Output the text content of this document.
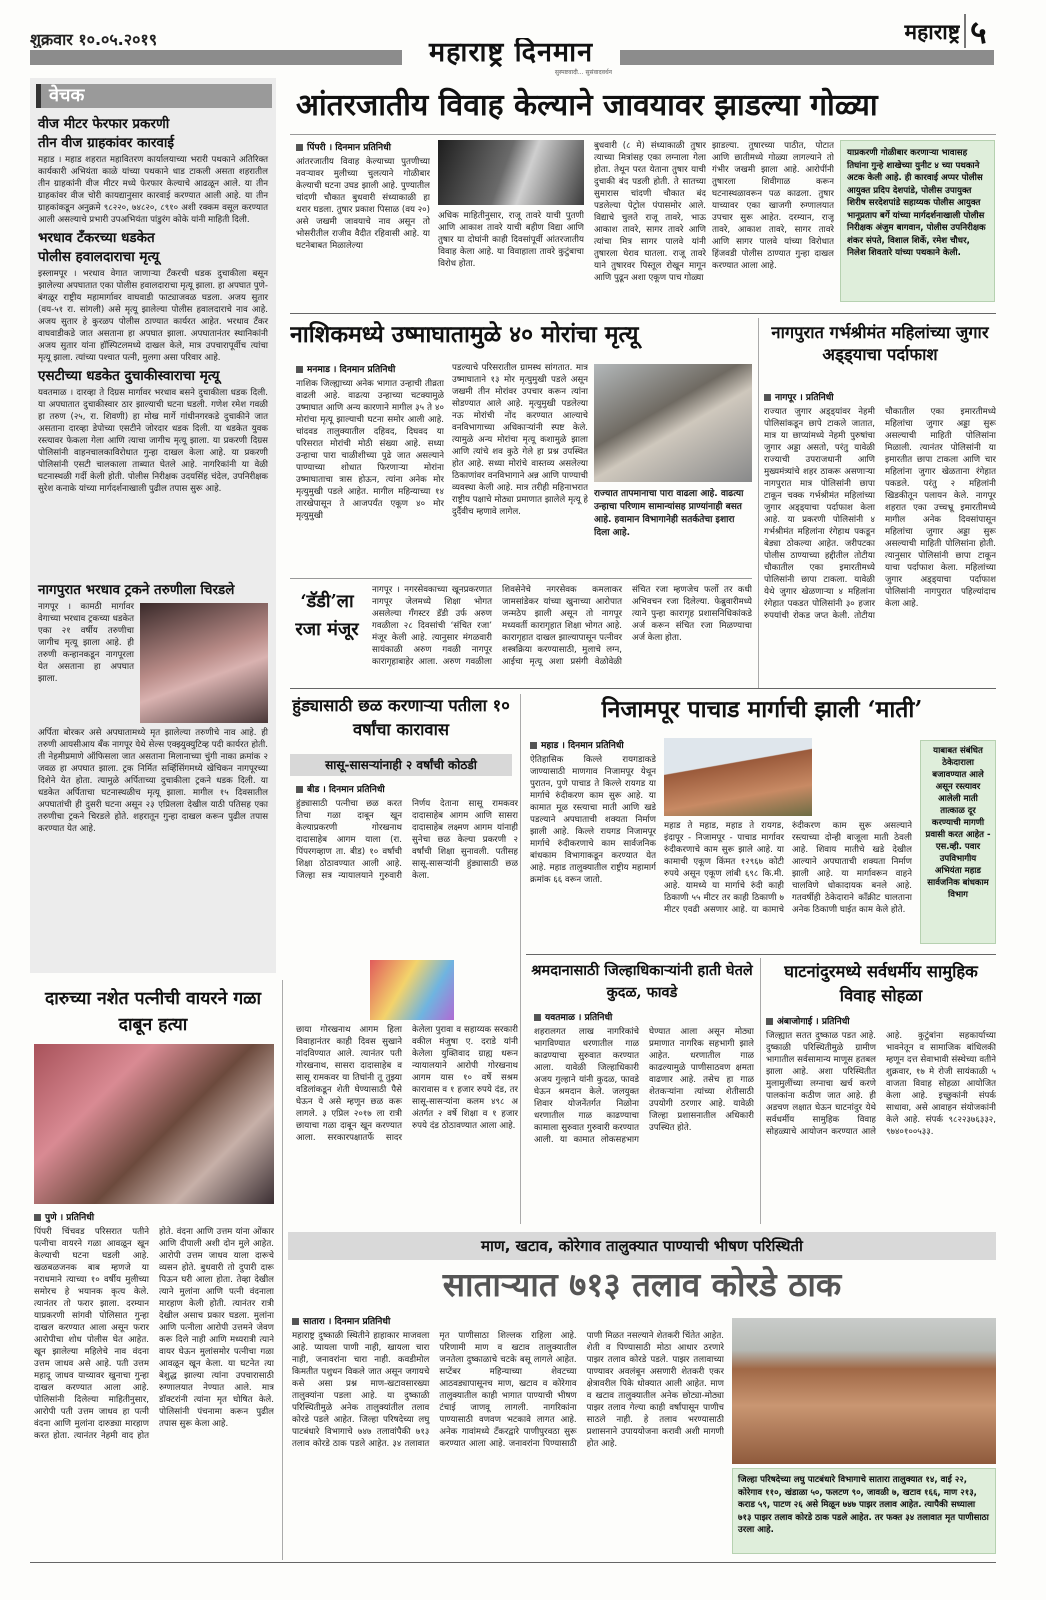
शुक्रवार १०.०५.२०१९	महाराष्ट्र ५
महाराष्ट्र दिनमान
सुस्पष्टवादी... सुसंवादवर्धन
वेचक
वीज मीटर फेरफार प्रकरणी
तीन वीज ग्राहकांवर कारवाई
महाड । महाड शहरात महावितरण कार्यालयाच्या भरारी पथकाने अतिरिक्त कार्यकारी अभियंता काळे यांच्या पथकाने धाड टाकली असता शहरातील तीन ग्राहकांनी वीज मीटर मध्ये फेरफार केल्याचे आढळून आले. या तीन ग्राहकांवर वीज चोरी कायद्यानुसार कारवाई करण्यात आली आहे. या तीन ग्राहकांकडून अनुक्रमे ९८२२०, ७४८२०, ८९१० अशी रक्कम वसूल करण्यात आली असल्याचे प्रभारी उपअभियंता पांडुरंग कोके यांनी माहिती दिली.
भरधाव टँकरच्या धडकेत
पोलीस हवालदाराचा मृत्यू
इस्लामपूर । भरधाव वेगात जाणाऱ्या टँकरची धडक दुचाकीला बसून झालेल्या अपघातात एका पोलीस हवालदाराचा मृत्यू झाला. हा अपघात पुणे-बंगळूर राष्ट्रीय महामार्गावर वाघवाडी फाट्याजवळ घडला. अजय सुतार (वय-५१ रा. सांगली) असे मृत्यू झालेल्या पोलीस हवालदाराचे नाव आहे. अजय सुतार हे कुरळप पोलीस ठाण्यात कार्यरत आहेत. भरधाव टँकर वाघवाडीकडे जात असताना हा अपघात झाला. अपघातानंतर स्थानिकांनी अजय सुतार यांना हॉस्पिटलमध्ये दाखल केले, मात्र उपचारापूर्वीच त्यांचा मृत्यू झाला. त्यांच्या पश्चात पत्नी, मुलगा असा परिवार आहे.
एसटीच्या धडकेत दुचाकीस्वाराचा मृत्यू
यवतमाळ । दारव्हा ते दिग्रस मार्गावर भरधाव बसने दुचाकीला धडक दिली. या अपघातात दुचाकीस्वार ठार झाल्याची घटना घडली. गणेश रमेश गवळी हा तरुण (२५, रा. शिवणी) हा मोख मार्गे गांधीनगरकडे दुचाकीने जात असताना दारव्हा डेपोच्या एसटीने जोरदार धडक दिली. या धडकेत युवक रस्त्यावर फेकला गेला आणि त्याचा जागीच मृत्यू झाला. या प्रकरणी दिग्रस पोलिसांनी वाहनचालकाविरोधात गुन्हा दाखल केला आहे. या प्रकरणी पोलिसांनी एसटी चालकाला ताब्यात घेतले आहे. नागरिकांनी या वेळी घटनास्थळी गर्दी केली होती. पोलीस निरीक्षक उदयसिंह चंदेल, उपनिरीक्षक सुरेश कनाके यांच्या मार्गदर्शनाखाली पुढील तपास सुरू आहे.
नागपुरात भरधाव ट्रकने तरुणीला चिरडले
नागपूर । कामठी मार्गावर वेगाच्या भरधाव ट्रकच्या धडकेत एका २१ वर्षीय तरुणीचा जागीच मृत्यू झाला आहे. ही तरुणी कन्हानकडून नागपूरला येत असताना हा अपघात झाला.
अर्पिता बोरकर असे अपघातामध्ये मृत झालेल्या तरुणीचे नाव आहे. ही तरुणी आयसीआय बँक नागपूर येथे सेल्स एक्झ्युक्युटिव्ह पदी कार्यरत होती. ती नेहमीप्रमाणे ऑफिसला जात असताना मिलानाच्या चुंगी नाका क्रमांक २ जवळ हा अपघात झाला. ट्रक निर्मित सर्व्हिसिंगमध्ये खेचिकन नागपूरच्या दिशेने येत होता. त्यामुळे अर्पिताच्या दुचाकीला ट्रकने धडक दिली. या धडकेत अर्पिताचा घटनास्थळीच मृत्यू झाला. मागील १५ दिवसातील अपघातांची ही दुसरी घटना असून २३ एप्रिलला देखील याठी पतिसह एका तरुणीचा ट्रकने चिरडले होते. शहरातून गुन्हा दाखल करून पुढील तपास करण्यात येत आहे.
आंतरजातीय विवाह केल्याने जावयावर झाडल्या गोळ्या
पिंपरी । दिनमान प्रतिनिधी
आंतरजातीय विवाह केल्याच्या पुतणीच्या नवऱ्यावर मुलीच्या चुलत्याने गोळीबार केल्याची घटना उघड झाली आहे. पुण्यातील चांदणी चौकात बुधवारी संध्याकाळी हा थरार घडला. तुषार प्रकाश पिसाळ (वय २०) असे जखमी जावयाचे नाव असून तो भोसरीतील राजीव वैदीत रहिवासी आहे. या घटनेबाबत मिळालेल्या
अधिक माहितीनुसार, राजू तावरे याची पुतणी आणि आकाश तावरे याची बहीण विद्या आणि तुषार या दोघांनी काही दिवसांपूर्वी आंतरजातीय विवाह केला आहे. या विवाहाला तावरे कुटुंबाचा विरोध होता.
बुधवारी (८ मे) संध्याकाळी तुषार त्याच्या मित्रांसह एका लग्नाला गेला होता. तेथून परत येताना तुषार याची दुचाकी बंद पडली होती. ते सातच्या सुमारास चांदणी चौकात बंद पडलेल्या पेट्रोल पंपासमोर आले. विद्याचे चुलते राजू तावरे, भाऊ आकाश तावरे, सागर तावरे आणि त्यांचा मित्र सागर पालवे यांनी तुषारला घेराव घातला. राजू तावरे याने तुषारवर पिस्तूल रोखून मागून आणि पुढून अशा एकूण पाच गोळ्या
झाडल्या. तुषारच्या पाठीत, पोटात आणि छातीमध्ये गोळ्या लागल्याने तो गंभीर जखमी झाला आहे. आरोपींनी तुषारला शिवीगाळ करून घटनास्थळावरून पळ काढला. तुषार याच्यावर एका खाजगी रुग्णालयात उपचार सुरू आहेत. दरम्यान, राजू तावरे, आकाश तावरे, सागर तावरे आणि सागर पालवे यांच्या विरोधात हिंजवडी पोलीस ठाण्यात गुन्हा दाखल करण्यात आला आहे.
याप्रकरणी गोळीबार करणाऱ्या भावासह तिघांना गुन्हे शाखेच्या युनीट ४ च्या पथकाने अटक केली आहे. ही कारवाई अप्पर पोलीस आयुक्त प्रदिप देशपांडे, पोलीस उपायुक्त शिरीष सरदेशपांडे सहाय्यक पोलीस आयुक्त भानूप्रताप बर्गे यांच्या मार्गदर्शनाखाली पोलीस निरीक्षक अंजुम बागवान, पोलीस उपनिरीक्षक शंकर संपते, विशाल शिर्के, रमेश चौधर, निलेश शिवतारे यांच्या पथकाने केली.
नाशिकमध्ये उष्माघातामुळे ४० मोरांचा मृत्यू
मनमाड । दिनमान प्रतिनिधी
नाशिक जिल्ह्याच्या अनेक भागात उन्हाची तीव्रता वाढली आहे. वाढत्या उन्हाच्या चटक्यामुळे उष्माघात आणि अन्य कारणाने मागील ३५ ते ४० मोरांचा मृत्यू झाल्याची घटना समोर आली आहे. चांदवड तालुक्यातील दहिवद, दिघवद या परिसरात मोरांची मोठी संख्या आहे. सध्या उन्हाचा पारा चाळीशीच्या पुढे जात असल्याने पाण्याच्या शोधात फिरणाऱ्या मोरांना उष्माघाताचा त्रास होऊन, त्यांना अनेक मोर मृत्युमुखी पडले आहेत. मागील महिन्याच्या १४ तारखेपासून ते आजपर्यंत एकूण ४० मोर मृत्युमुखी
पडल्याचे परिसरातील ग्रामस्थ सांगतात. मात्र उष्माघाताने १३ मोर मृत्युमुखी पडले असून जखमी तीन मोरांवर उपचार करून त्यांना सोडण्यात आले आहे. मृत्युमुखी पडलेल्या नऊ मोरांची नोंद करण्यात आल्याचे वनविभागाच्या अधिकाऱ्यांनी स्पष्ट केले. त्यामुळे अन्य मोरांचा मृत्यू कशामुळे झाला आणि त्यांचे शव कुठे गेले हा प्रश्न उपस्थित होत आहे. सध्या मोरांचे वास्तव्य असलेल्या ठिकाणांवर वनविभागाने अन्न आणि पाण्याची व्यवस्था केली आहे. मात्र तरीही महिनाभरात राष्ट्रीय पक्षाचे मोठ्या प्रमाणात झालेले मृत्यू हे दुर्दैवीच म्हणावे लागेल.
राज्यात तापमानाचा पारा वाढला आहे. वाढत्या उन्हाचा परिणाम सामान्यांसह प्राण्यांनाही बसत आहे. हवामान विभागानेही सतर्कतेचा इशारा दिला आहे.
नागपुरात गर्भश्रीमंत महिलांच्या जुगार अड्ड्याचा पर्दाफाश
नागपूर । प्रतिनिधी
राज्यात जुगार अड्ड्यांवर नेहमी पोलिसांकडून छापे टाकले जातात, मात्र या छाप्यांमध्ये नेहमी पुरुषांचा जुगार अड्डा असतो, परंतु यावेळी राज्याची उपराजधानी आणि मुख्यमंत्र्यांचे शहर ठाकरू असणाऱ्या नागपुरात मात्र पोलिसांनी छापा टाकून चक्क गर्भश्रीमंत महिलांच्या जुगार अड्ड्याचा पर्दाफाश केला आहे. या प्रकरणी पोलिसांनी ४ गर्भश्रीमंत महिलांना रंगेहाथ पकडून बेड्या ठोकल्या आहेत. जरीपटका पोलीस ठाण्याच्या हद्दीतील तोटीया चौकातील एका इमारतीमध्ये पोलिसांनी छापा टाकला. यावेळी येथे जुगार खेळणाऱ्या ४ महिलांना रंगेहात पकडत पोलिसांनी ३० हजार रुपयांची रोकड जप्त केली. तोटीया चौकातील एका इमारतीमध्ये महिलांचा जुगार अड्डा सुरू असल्याची माहिती पोलिसांना मिळाली. त्यानंतर पोलिसांनी या इमारतीत छापा टाकला आणि चार महिलांना जुगार खेळताना रंगेहात पकडले. परंतु २ महिलांनी खिडकीतून पलायन केले. नागपूर शहरात एका उच्चभ्रू इमारतीमध्ये मागील अनेक दिवसांपासून महिलांचा जुगार अड्डा सुरू असल्याची माहिती पोलिसांना होती. त्यानुसार पोलिसांनी छापा टाकून याचा पर्दाफाश केला. महिलांच्या जुगार अड्ड्याचा पर्दाफाश पोलिसांनी नागपुरात पहिल्यांदाच केला आहे.
‘डॅडी’ला रजा मंजूर
नागपूर । नगरसेवकाच्या खूनप्रकरणात नागपूर जेलमध्ये शिक्षा भोगत असलेल्या गँगस्टर डॅडी उर्फ अरुण गवळीला २८ दिवसांची ‘संचित रजा’ मंजूर केली आहे. त्यानुसार मंगळवारी सायंकाळी अरुण गवळी नागपूर कारागृहाबाहेर आला. अरुण गवळीला शिवसेनेचे नगरसेवक कमलाकर जामसांडेकर यांच्या खुनाच्या आरोपात जन्मठेप झाली असून तो नागपूर मध्यवर्ती कारागृहात शिक्षा भोगत आहे. कारागृहात दाखल झाल्यापासून पत्नीवर शस्त्रक्रिया करण्यासाठी, मुलाचे लग्न, आईचा मृत्यू अशा प्रसंगी वेळोवेळी संचित रजा म्हणजेच फर्लो तर कधी अभिवचन रजा दिलेल्या. फेब्रुवारीमध्ये त्याने पुन्हा कारागृह प्रशासनिधिकांकडे अर्ज करून संचित रजा मिळण्याचा अर्ज केला होता.
हुंड्यासाठी छळ करणाऱ्या पतीला १० वर्षांचा कारावास
सासू-सासऱ्यांनाही २ वर्षांची कोठडी
बीड । दिनमान प्रतिनिधी
हुंड्यासाठी पत्नीचा छळ करत तिचा गळा दाबून खून केल्याप्रकरणी गोरखनाथ दादासाहेब आगम याला (रा. पिंपरगव्हाण ता. बीड) १० वर्षांची शिक्षा ठोठावण्यात आली आहे. जिल्हा सत्र न्यायालयाने गुरुवारी निर्णय देताना सासू रामकवर दादासाहेब आगम आणि सासरा दादासाहेब लक्ष्मण आगम यांनाही सुनेचा छळ केल्या प्रकरणी २ वर्षांची शिक्षा सुनावली. पतीसह सासू-सासऱ्यांनी हुंड्यासाठी छळ केला.
छाया गोरखनाथ आगम हिला विवाहानंतर काही दिवस सुखाने नांदविण्यात आले. त्यानंतर पती गोरखनाथ, सासरा दादासाहेब व सासू रामकवर या तिघांनी तू तुझ्या वडिलांकडून शेती घेण्यासाठी पैसे घेऊन ये असे म्हणून छळ करू लागले. ३ एप्रिल २०१७ ला रात्री छायाचा गळा दाबून खून करण्यात आला. सरकारपक्षातर्फे सादर केलेला पुरावा व सहाय्यक सरकारी वकील मंजुषा ए. दराडे यांनी केलेला युक्तिवाद ग्राह्य धरून न्यायालयाने आरोपी गोरखनाथ आगम यास १० वर्षे सश्रम कारावास व १ हजार रुपये दंड, तर सासू-सासऱ्यांना कलम ४९८ अ अंतर्गत २ वर्षे शिक्षा व १ हजार रुपये दंड ठोठावण्यात आला आहे.
निजामपूर पाचाड मार्गाची झाली ‘माती’
महाड । दिनमान प्रतिनिधी
ऐतिहासिक किल्ले रायगडाकडे जाण्यासाठी माणगाव निजामपूर येथून पुरातन, पुणे पाचाड ते किल्ले रायगड या मार्गाचे रुंदीकरण काम सुरू आहे. या कामात मूळ रस्त्याचा माती आणि खडे पडल्याने अपघाताची शक्यता निर्माण झाली आहे. किल्ले रायगड निजामपूर मार्गाचे रुंदीकरणाचे काम सार्वजनिक बांधकाम विभागाकडून करण्यात येत आहे. महाड तालुक्यातील राष्ट्रीय महामार्ग क्रमांक ६६ वरून जातो.
महाड ते महाड, महाड ते रायगड, इंदापूर - निजामपूर - पाचाड मार्गावर रुंदीकरणाचे काम सुरू झाले आहे. या कामाची एकूण किंमत १२९६७ कोटी रुपये असून एकूण लांबी ६९८ कि.मी. आहे. यामध्ये या मार्गाचे रुंदी काही ठिकाणी ५५ मीटर तर काही ठिकाणी ७ मीटर एवढी असणार आहे. या कामाचे रुंदीकरण काम सुरू असल्याने रस्त्याच्या दोन्ही बाजूला माती ठेवली आहे. शिवाय मातीचे खडे देखील आल्याने अपघाताची शक्यता निर्माण झाली आहे. या मार्गावरून वाहने चालविणे धोकादायक बनले आहे. गतवर्षीही ठेकेदाराने काँक्रीट घालताना अनेक ठिकाणी घाईत काम केले होते.
याबाबत संबंधित ठेकेदाराला बजावण्यात आले असून रस्त्यावर आलेली माती तात्काळ दूर करण्याची मागणी प्रवासी करत आहेत - एस.व्ही. पवार उपविभागीय अभियंता महाड सार्वजनिक बांधकाम विभाग
श्रमदानासाठी जिल्हाधिकाऱ्यांनी हाती घेतले कुदळ, फावडे
यवतमाळ । प्रतिनिधी
शहरालगत लाख नागरिकांचे भागविण्यात धरणातील गाळ काढण्याचा सुरुवात करण्यात आला. यावेळी जिल्हाधिकारी अजय गुल्हाने यांनी कुदळ, फावडे घेऊन श्रमदान केले. जलयुक्त शिवार योजनेंतर्गत निळोना धरणातील गाळ काढण्याचा कामाला सुरुवात गुरुवारी करण्यात आली. या कामात लोकसहभाग घेण्यात आला असून मोठ्या प्रमाणात नागरिक सहभागी झाले आहेत. धरणातील गाळ काढल्यामुळे पाणीसाठवण क्षमता वाढणार आहे. तसेच हा गाळ शेतकऱ्यांना त्यांच्या शेतीसाठी उपयोगी ठरणार आहे. यावेळी जिल्हा प्रशासनातील अधिकारी उपस्थित होते.
घाटनांदुरमध्ये सर्वधर्मीय सामुहिक विवाह सोहळा
अंबाजोगाई । प्रतिनिधी
जिल्ह्यात सतत दुष्काळ पडत आहे. दुष्काळी परिस्थितीमुळे ग्रामीण भागातील सर्वसामान्य माणूस हतबल झाला आहे. अशा परिस्थितीत मुलामुलींच्या लग्नाचा खर्च करणे पालकांना कठीण जात आहे. ही अडचण लक्षात घेऊन घाटनांदुर येथे सर्वधर्मीय सामुहिक विवाह सोहळ्याचे आयोजन करण्यात आले आहे. कुटुंबांना सहकार्याच्या भावनेतून व सामाजिक बांधिलकी म्हणून दत्त सेवाभावी संस्थेच्या वतीने शुक्रवार, १७ मे रोजी सायंकाळी ५ वाजता विवाह सोहळा आयोजित केला आहे. इच्छुकांनी संपर्क साधावा, असे आवाहन संयोजकांनी केले आहे. संपर्क ९८२२३७६३३२, ९७४०१००५३३.
दारुच्या नशेत पत्नीची वायरने गळा दाबून हत्या
पुणे । प्रतिनिधी
पिंपरी चिंचवड परिसरात पतीने पत्नीचा वायरने गळा आवळून खून केल्याची घटना घडली आहे. खळबळजनक बाब म्हणजे या नराधमाने त्याच्या १० वर्षीय मुलीच्या समोरच हे भयानक कृत्य केले. त्यानंतर तो फरार झाला. दरम्यान याप्रकरणी सांगवी पोलिसात गुन्हा दाखल करण्यात आला असून फरार आरोपीचा शोध पोलीस घेत आहेत. खून झालेल्या महिलेचे नाव वंदना उत्तम जाधव असे आहे. पती उत्तम महादू जाधव याच्यावर खुनाचा गुन्हा दाखल करण्यात आला आहे. पोलिसांनी दिलेल्या माहितीनुसार, आरोपी पती उत्तम जाधव हा पत्नी वंदना आणि मुलांना दारुड्या मारहाण करत होता. त्यानंतर नेहमी वाद होत होते. वंदना आणि उत्तम यांना ओंकार आणि दीपाली अशी दोन मुले आहेत. आरोपी उत्तम जाधव याला दारूचे व्यसन होते. बुधवारी तो दुपारी दारू पिऊन घरी आला होता. तेव्हा देखील त्याने मुलांना आणि पत्नी वंदनाला मारहाण केली होती. त्यानंतर रात्री देखील असाच प्रकार घडला. मुलांना आणि पत्नीला आरोपी उत्तमने जेवण करू दिले नाही आणि मध्यरात्री त्याने वायर घेऊन मुलांसमोर पत्नीचा गळा आवळून खून केला. या घटनेत त्या बेशुद्ध झाल्या त्यांना उपचारासाठी रुग्णालयात नेण्यात आले. मात्र डॉक्टरांनी त्यांना मृत घोषित केले. पोलिसांनी पंचनामा करून पुढील तपास सुरू केला आहे.
माण, खटाव, कोरेगाव तालुक्यात पाण्याची भीषण परिस्थिती
साताऱ्यात ७१३ तलाव कोरडे ठाक
सातारा । दिनमान प्रतिनिधी
महाराष्ट्र दुष्काळी स्थितीने हाहाकार माजवला आहे. प्यायला पाणी नाही, खायला चारा नाही, जनावरांना चारा नाही. कवडीमोल किमतीत पशुधन विकले जात असून जगायचे कसे असा प्रश्न माण-खटावसारख्या तालुक्यांना पडला आहे. या दुष्काळी परिस्थितीमुळे अनेक तालुक्यांतील तलाव कोरडे पडले आहेत. जिल्हा परिषदेच्या लघु पाटबंधारे विभागाचे ७४७ तलावांपैकी ७१३ तलाव कोरडे ठाक पडले आहेत. ३४ तलावात मृत पाणीसाठा शिल्लक राहिला आहे. परिणामी माण व खटाव तालुक्यातील जनतेला दुष्काळाचे चटके बसू लागले आहेत. सप्टेंबर महिन्याच्या शेवटच्या आठवड्यापासूनच माण, खटाव व कोरेगाव तालुक्यातील काही भागात पाण्याची भीषण टंचाई जाणवू लागली. नागरिकांना पाण्यासाठी वणवण भटकावे लागत आहे. अनेक गावांमध्ये टँकरद्वारे पाणीपुरवठा सुरू करण्यात आला आहे. जनावरांना पिण्यासाठी पाणी मिळत नसल्याने शेतकरी चिंतेत आहेत. शेती व पिण्यासाठी मोठा आधार ठरणारे पाझर तलाव कोरडे पडले. पाझर तलावाच्या पाण्यावर अवलंबून असणारी शेतकरी एकर क्षेत्रावरील पिके धोक्यात आली आहेत. माण व खटाव तालुक्यातील अनेक छोट्या-मोठ्या पाझर तलाव गेल्या काही वर्षांपासून पाणीच साठले नाही. हे तलाव भरण्यासाठी प्रशासनाने उपाययोजना करावी अशी मागणी होत आहे.
जिल्हा परिषदेच्या लघु पाटबंधारे विभागाचे सातारा तालुक्यात १४, वाई २२, कोरेगाव ११०, खंडाळा ५०, फलटण ९०, जावळी ७, खटाव १६६, माण २१३, कराड ५९, पाटण २६ असे मिळून ७४७ पाझर तलाव आहेत. त्यापैकी सध्याला ७१३ पाझर तलाव कोरडे ठाक पडले आहेत. तर फक्त ३४ तलावात मृत पाणीसाठा उरला आहे.
